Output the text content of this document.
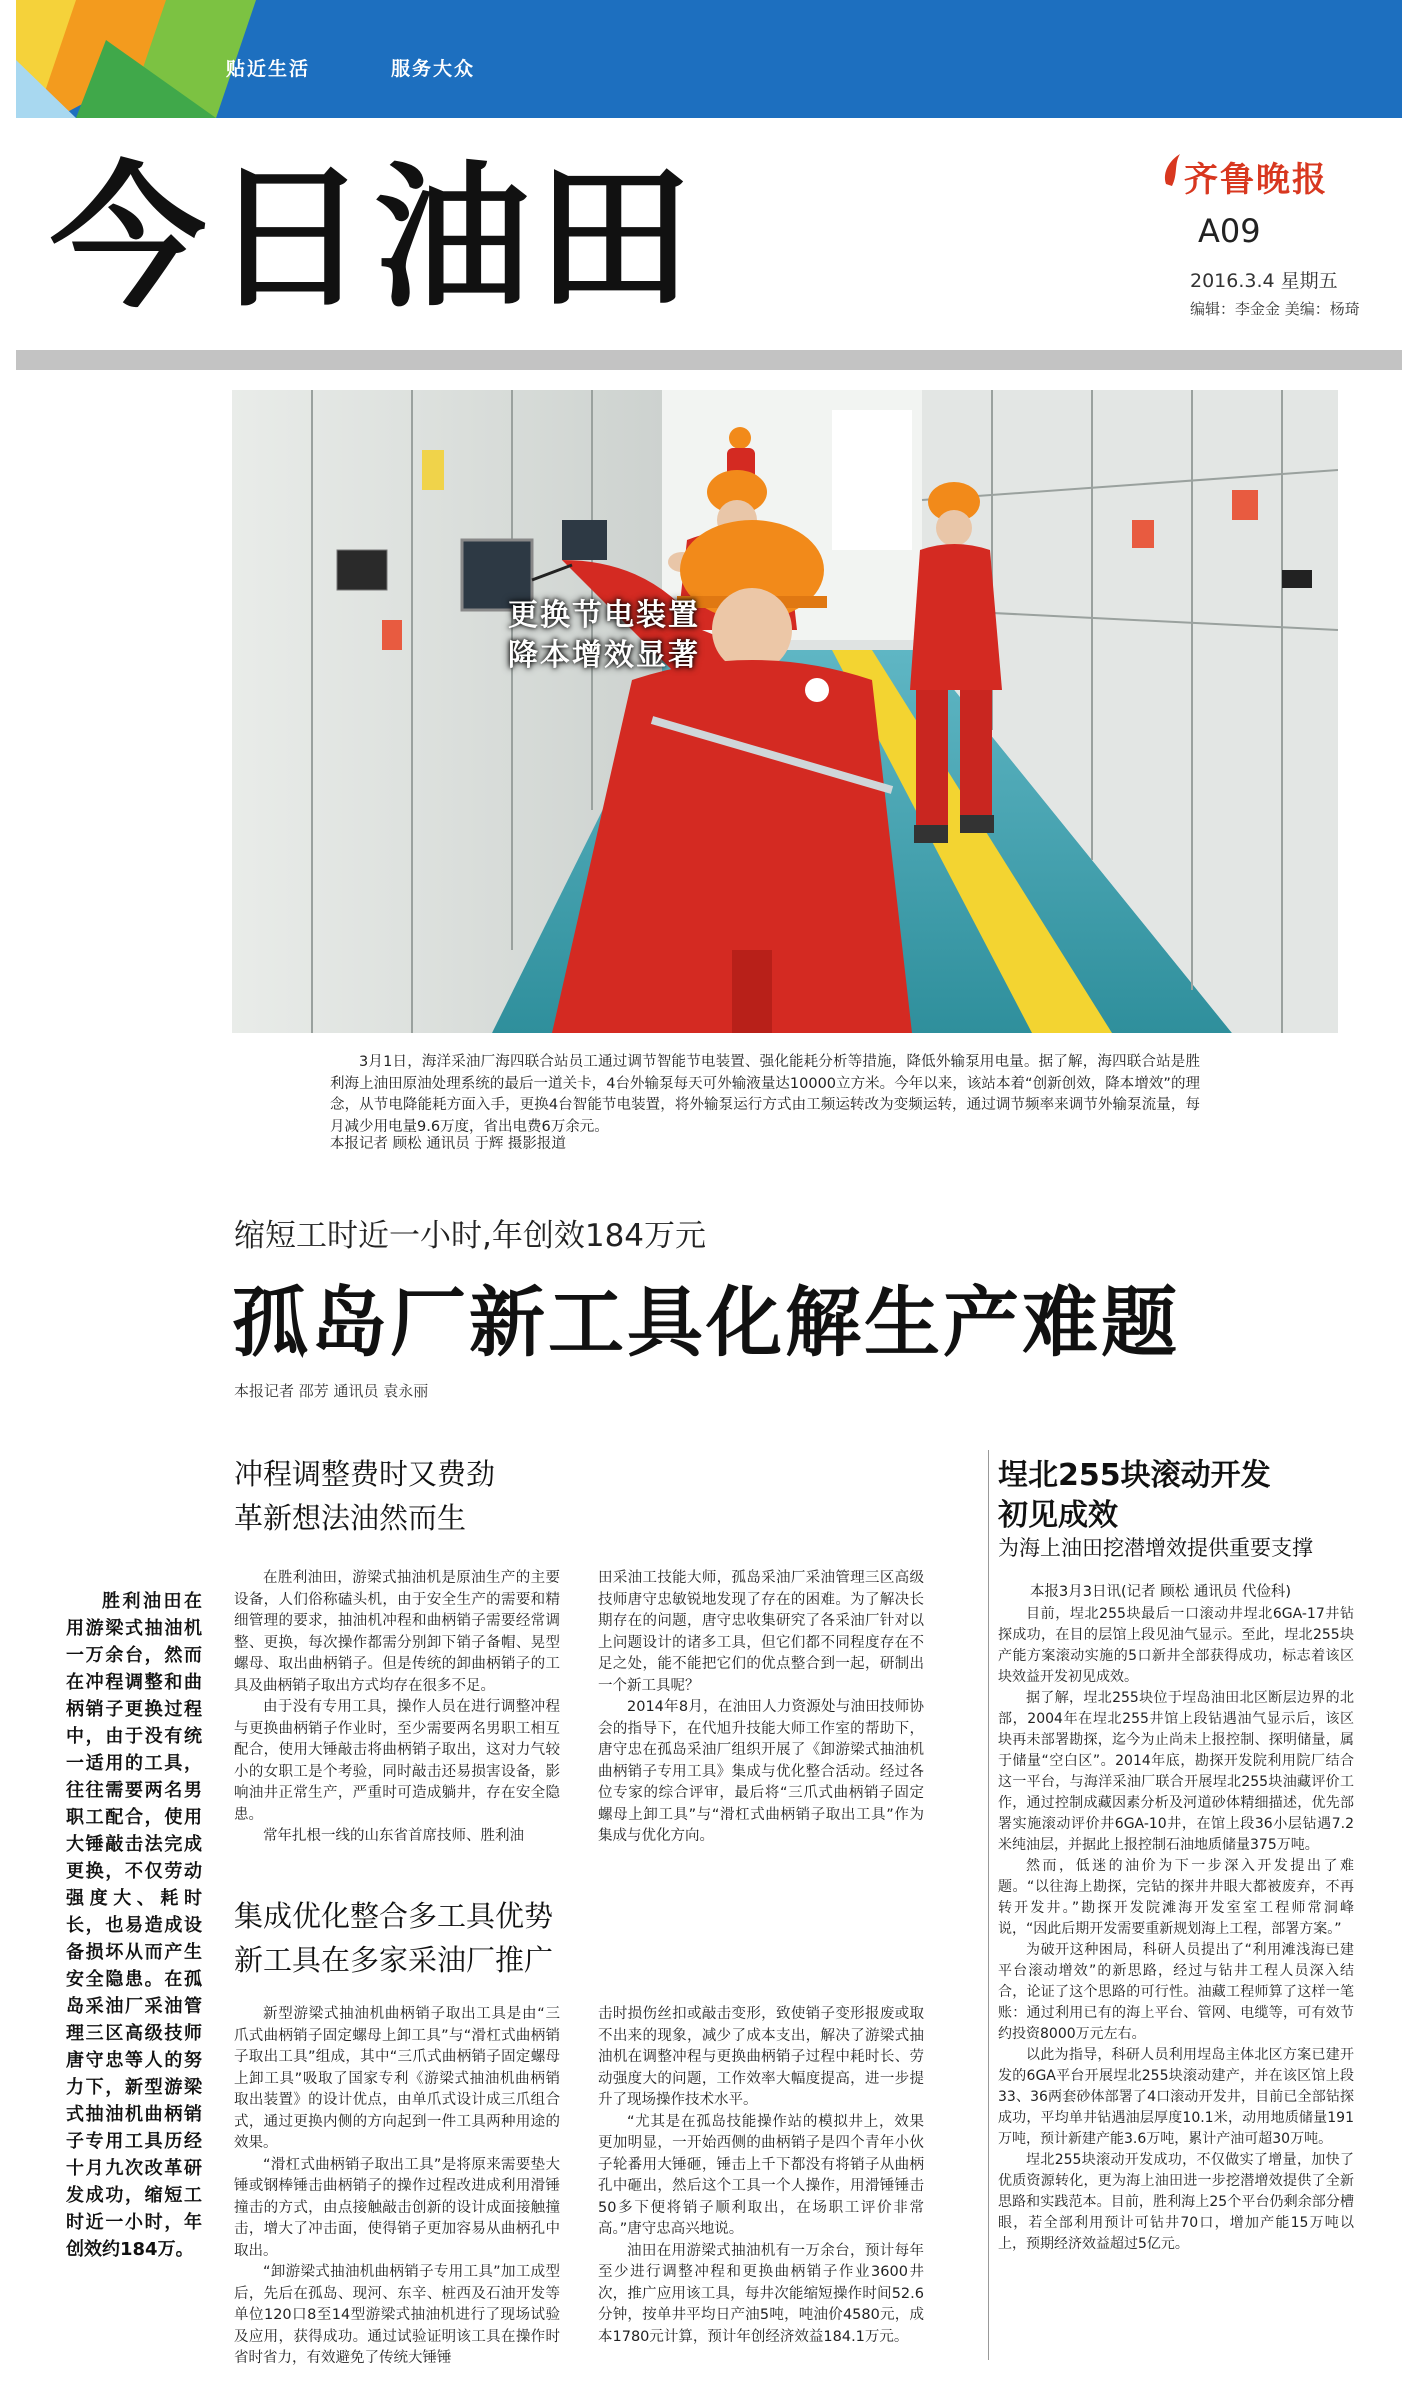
贴近生活	服务大众
今日油田	齐鲁晚报
A09
2016.3.4 星期五
编辑：李金金 美编：杨琦
更换节电装置
降本增效显著
3月1日，海洋采油厂海四联合站员工通过调节智能节电装置、强化能耗分析等措施，降低外输泵用电量。据了解，海四联合站是胜利海上油田原油处理系统的最后一道关卡，4台外输泵每天可外输液量达10000立方米。今年以来，该站本着“创新创效，降本增效”的理念，从节电降能耗方面入手，更换4台智能节电装置，将外输泵运行方式由工频运转改为变频运转，通过调节频率来调节外输泵流量，每月减少用电量9.6万度，省出电费6万余元。
本报记者 顾松 通讯员 于辉 摄影报道
缩短工时近一小时,年创效184万元
孤岛厂新工具化解生产难题
本报记者 邵芳 通讯员 袁永丽
胜利油田在用游梁式抽油机一万余台，然而在冲程调整和曲柄销子更换过程中，由于没有统一适用的工具，往往需要两名男职工配合，使用大锤敲击法完成更换，不仅劳动强度大、耗时长，也易造成设备损坏从而产生安全隐患。在孤岛采油厂采油管理三区高级技师唐守忠等人的努力下，新型游梁式抽油机曲柄销子专用工具历经十月九次改革研发成功，缩短工时近一小时，年创效约184万。
冲程调整费时又费劲
革新想法油然而生

在胜利油田，游梁式抽油机是原油生产的主要设备，人们俗称磕头机，由于安全生产的需要和精细管理的要求，抽油机冲程和曲柄销子需要经常调整、更换，每次操作都需分别卸下销子备帽、晃型螺母、取出曲柄销子。但是传统的卸曲柄销子的工具及曲柄销子取出方式均存在很多不足。

由于没有专用工具，操作人员在进行调整冲程与更换曲柄销子作业时，至少需要两名男职工相互配合，使用大锤敲击将曲柄销子取出，这对力气较小的女职工是个考验，同时敲击还易损害设备，影响油井正常生产，严重时可造成躺井，存在安全隐患。

常年扎根一线的山东省首席技师、胜利油

田采油工技能大师，孤岛采油厂采油管理三区高级技师唐守忠敏锐地发现了存在的困难。为了解决长期存在的问题，唐守忠收集研究了各采油厂针对以上问题设计的诸多工具，但它们都不同程度存在不足之处，能不能把它们的优点整合到一起，研制出一个新工具呢？

2014年8月，在油田人力资源处与油田技师协会的指导下，在代旭升技能大师工作室的帮助下，唐守忠在孤岛采油厂组织开展了《卸游梁式抽油机曲柄销子专用工具》集成与优化整合活动。经过各位专家的综合评审，最后将“三爪式曲柄销子固定螺母上卸工具”与“滑杠式曲柄销子取出工具”作为集成与优化方向。

集成优化整合多工具优势
新工具在多家采油厂推广

新型游梁式抽油机曲柄销子取出工具是由“三爪式曲柄销子固定螺母上卸工具”与“滑杠式曲柄销子取出工具”组成，其中“三爪式曲柄销子固定螺母上卸工具”吸取了国家专利《游梁式抽油机曲柄销取出装置》的设计优点，由单爪式设计成三爪组合式，通过更换内侧的方向起到一件工具两种用途的效果。

“滑杠式曲柄销子取出工具”是将原来需要垫大锤或钢棒锤击曲柄销子的操作过程改进成利用滑锤撞击的方式，由点接触敲击创新的设计成面接触撞击，增大了冲击面，使得销子更加容易从曲柄孔中取出。

“卸游梁式抽油机曲柄销子专用工具”加工成型后，先后在孤岛、现河、东辛、桩西及石油开发等单位120口8至14型游梁式抽油机进行了现场试验及应用，获得成功。通过试验证明该工具在操作时省时省力，有效避免了传统大锤锤

击时损伤丝扣或敲击变形，致使销子变形报废或取不出来的现象，减少了成本支出，解决了游梁式抽油机在调整冲程与更换曲柄销子过程中耗时长、劳动强度大的问题，工作效率大幅度提高，进一步提升了现场操作技术水平。

“尤其是在孤岛技能操作站的模拟井上，效果更加明显，一开始西侧的曲柄销子是四个青年小伙子轮番用大锤砸，锤击上千下都没有将销子从曲柄孔中砸出，然后这个工具一个人操作，用滑锤锤击50多下便将销子顺利取出，在场职工评价非常高。”唐守忠高兴地说。

油田在用游梁式抽油机有一万余台，预计每年至少进行调整冲程和更换曲柄销子作业3600井次，推广应用该工具，每井次能缩短操作时间52.6分钟，按单井平均日产油5吨，吨油价4580元，成本1780元计算，预计年创经济效益184.1万元。

埕北255块滚动开发
初见成效
为海上油田挖潜增效提供重要支撑
本报3月3日讯(记者 顾松 通讯员 代俭科)

目前，埕北255块最后一口滚动井埕北6GA-17井钻探成功，在目的层馆上段见油气显示。至此，埕北255块产能方案滚动实施的5口新井全部获得成功，标志着该区块效益开发初见成效。

据了解，埕北255块位于埕岛油田北区断层边界的北部，2004年在埕北255井馆上段钻遇油气显示后，该区块再未部署勘探，迄今为止尚未上报控制、探明储量，属于储量“空白区”。2014年底，勘探开发院利用院厂结合这一平台，与海洋采油厂联合开展埕北255块油藏评价工作，通过控制成藏因素分析及河道砂体精细描述，优先部署实施滚动评价井6GA-10井，在馆上段36小层钻遇7.2米纯油层，并据此上报控制石油地质储量375万吨。

然而，低迷的油价为下一步深入开发提出了难题。“以往海上勘探，完钻的探井井眼大都被废弃，不再转开发井。”勘探开发院滩海开发室室工程师常洞峰说，“因此后期开发需要重新规划海上工程，部署方案。”

为破开这种困局，科研人员提出了“利用滩浅海已建平台滚动增效”的新思路，经过与钻井工程人员深入结合，论证了这个思路的可行性。油藏工程师算了这样一笔账：通过利用已有的海上平台、管网、电缆等，可有效节约投资8000万元左右。

以此为指导，科研人员利用埕岛主体北区方案已建开发的6GA平台开展埕北255块滚动建产，并在该区馆上段33、36两套砂体部署了4口滚动开发井，目前已全部钻探成功，平均单井钻遇油层厚度10.1米，动用地质储量191万吨，预计新建产能3.6万吨，累计产油可超30万吨。

埕北255块滚动开发成功，不仅做实了增量，加快了优质资源转化，更为海上油田进一步挖潜增效提供了全新思路和实践范本。目前，胜利海上25个平台仍剩余部分槽眼，若全部利用预计可钻井70口，增加产能15万吨以上，预期经济效益超过5亿元。
